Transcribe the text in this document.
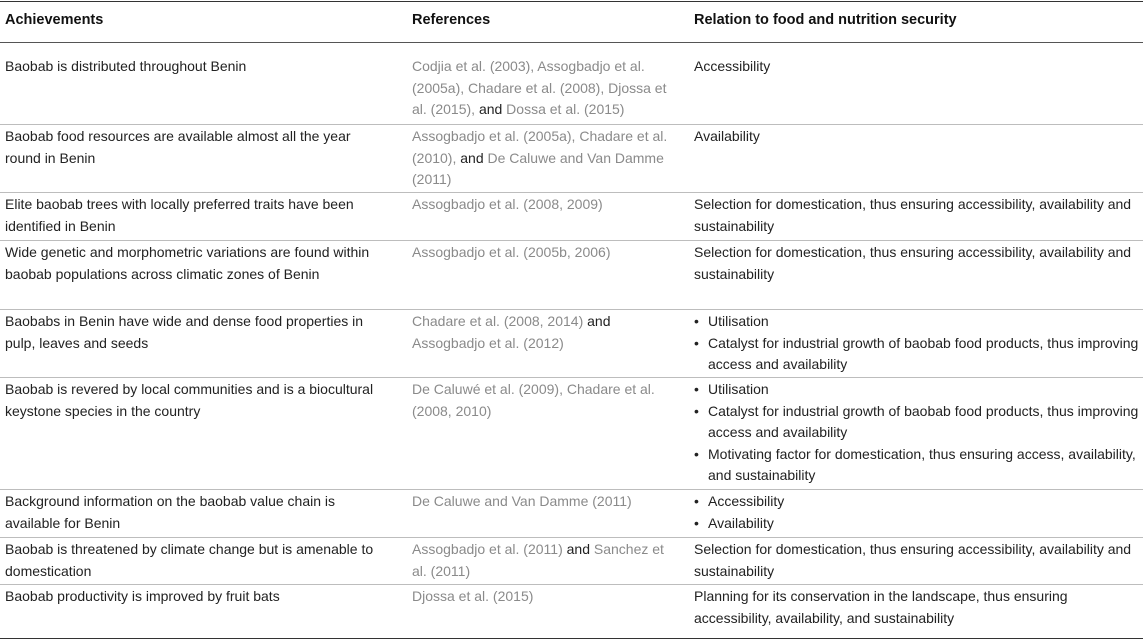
Achievements	References	Relation to food and nutrition security
Baobab is distributed throughout Benin	Codjia et al. (2003), Assogbadjo et al. (2005a), Chadare et al. (2008), Djossa et al. (2015), and Dossa et al. (2015)
Accessibility
Baobab food resources are available almost all the year round in Benin
Assogbadjo et al. (2005a), Chadare et al. (2010), and De Caluwe and Van Damme (2011)
Availability
Elite baobab trees with locally preferred traits have been identified in Benin
Assogbadjo et al. (2008, 2009)	Selection for domestication, thus ensuring accessibility, availability and sustainability
Wide genetic and morphometric variations are found within baobab populations across climatic zones of Benin
Assogbadjo et al. (2005b, 2006)	Selection for domestication, thus ensuring accessibility, availability and sustainability
Baobabs in Benin have wide and dense food properties in pulp, leaves and seeds
Chadare et al. (2008, 2014) and Assogbadjo et al. (2012)
• Utilisation
• Catalyst for industrial growth of baobab food products, thus improving access and availability
Baobab is revered by local communities and is a biocultural keystone species in the country
De Caluwé et al. (2009), Chadare et al. (2008, 2010)
• Utilisation
• Catalyst for industrial growth of baobab food products, thus improving access and availability
• Motivating factor for domestication, thus ensuring access, availability, and sustainability
Background information on the baobab value chain is available for Benin
De Caluwe and Van Damme (2011)
•	Accessibility
• Availability
Baobab is threatened by climate change but is amenable to domestication
Assogbadjo et al. (2011) and Sanchez et al. (2011)
Selection for domestication, thus ensuring accessibility, availability and sustainability
Baobab productivity is improved by fruit bats	Djossa et al. (2015)	Planning for its conservation in the landscape, thus ensuring accessibility, availability, and sustainability
